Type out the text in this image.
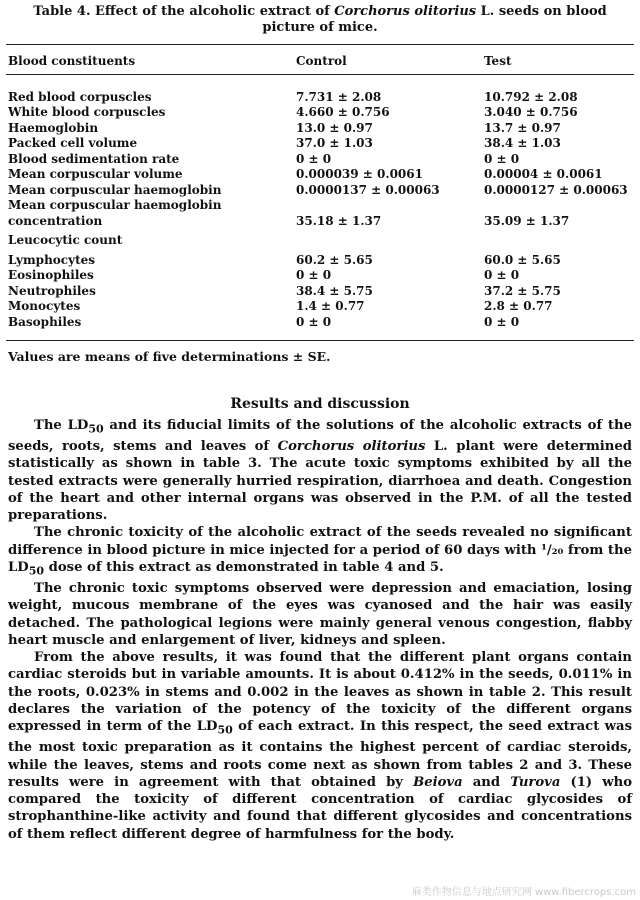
Table 4. Effect of the alcoholic extract of Corchorus olitorius L. seeds on blood picture of mice.
Blood constituents	Control	Test

Red blood corpuscles	7.731 ± 2.08	10.792 ± 2.08
White blood corpuscles	4.660 ± 0.756	3.040 ± 0.756
Haemoglobin	13.0 ± 0.97	13.7 ± 0.97
Packed cell volume	37.0 ± 1.03	38.4 ± 1.03
Blood sedimentation rate	0 ± 0	0 ± 0
Mean corpuscular volume	0.000039 ± 0.0061	0.00004 ± 0.0061
Mean corpuscular haemoglobin	0.0000137 ± 0.00063	0.0000127 ± 0.00063
Mean corpuscular haemoglobin		
concentration	35.18 ± 1.37	35.09 ± 1.37

Leucocytic count		

Lymphocytes	60.2 ± 5.65	60.0 ± 5.65
Eosinophiles	0 ± 0	0 ± 0
Neutrophiles	38.4 ± 5.75	37.2 ± 5.75
Monocytes	1.4 ± 0.77	2.8 ± 0.77
Basophiles	0 ± 0	0 ± 0
Values are means of five determinations ± SE.
Results and discussion

The $LD_{50}$ and its fiducial limits of the solutions of the alcoholic extracts of the seeds, roots, stems and leaves of Corchorus olitorius L. plant were determined statistically as shown in table 3. The acute toxic symptoms exhibited by all the tested extracts were generally hurried respiration, diarrhoea and death. Congestion of the heart and other internal organs was observed in the P.M. of all the tested preparations.

The chronic toxicity of the alcoholic extract of the seeds revealed no significant difference in blood picture in mice injected for a period of 60 days with ¹/₂₀ from the $LD_{50}$ dose of this extract as demonstrated in table 4 and 5.

The chronic toxic symptoms observed were depression and emaciation, losing weight, mucous membrane of the eyes was cyanosed and the hair was easily detached. The pathological legions were mainly general venous congestion, flabby heart muscle and enlargement of liver, kidneys and spleen.

From the above results, it was found that the different plant organs contain cardiac steroids but in variable amounts. It is about 0.412% in the seeds, 0.011% in the roots, 0.023% in stems and 0.002 in the leaves as shown in table 2. This result declares the variation of the potency of the toxicity of the different organs expressed in term of the $LD_{50}$ of each extract. In this respect, the seed extract was the most toxic preparation as it contains the highest percent of cardiac steroids, while the leaves, stems and roots come next as shown from tables 2 and 3. These results were in agreement with that obtained by Beiova and Turova (1) who compared the toxicity of different concentration of cardiac glycosides of strophanthine-like activity and found that different glycosides and concentrations of them reflect different degree of harmfulness for the body.

麻类作物信息与地点研究网 www.fibercrops.com
